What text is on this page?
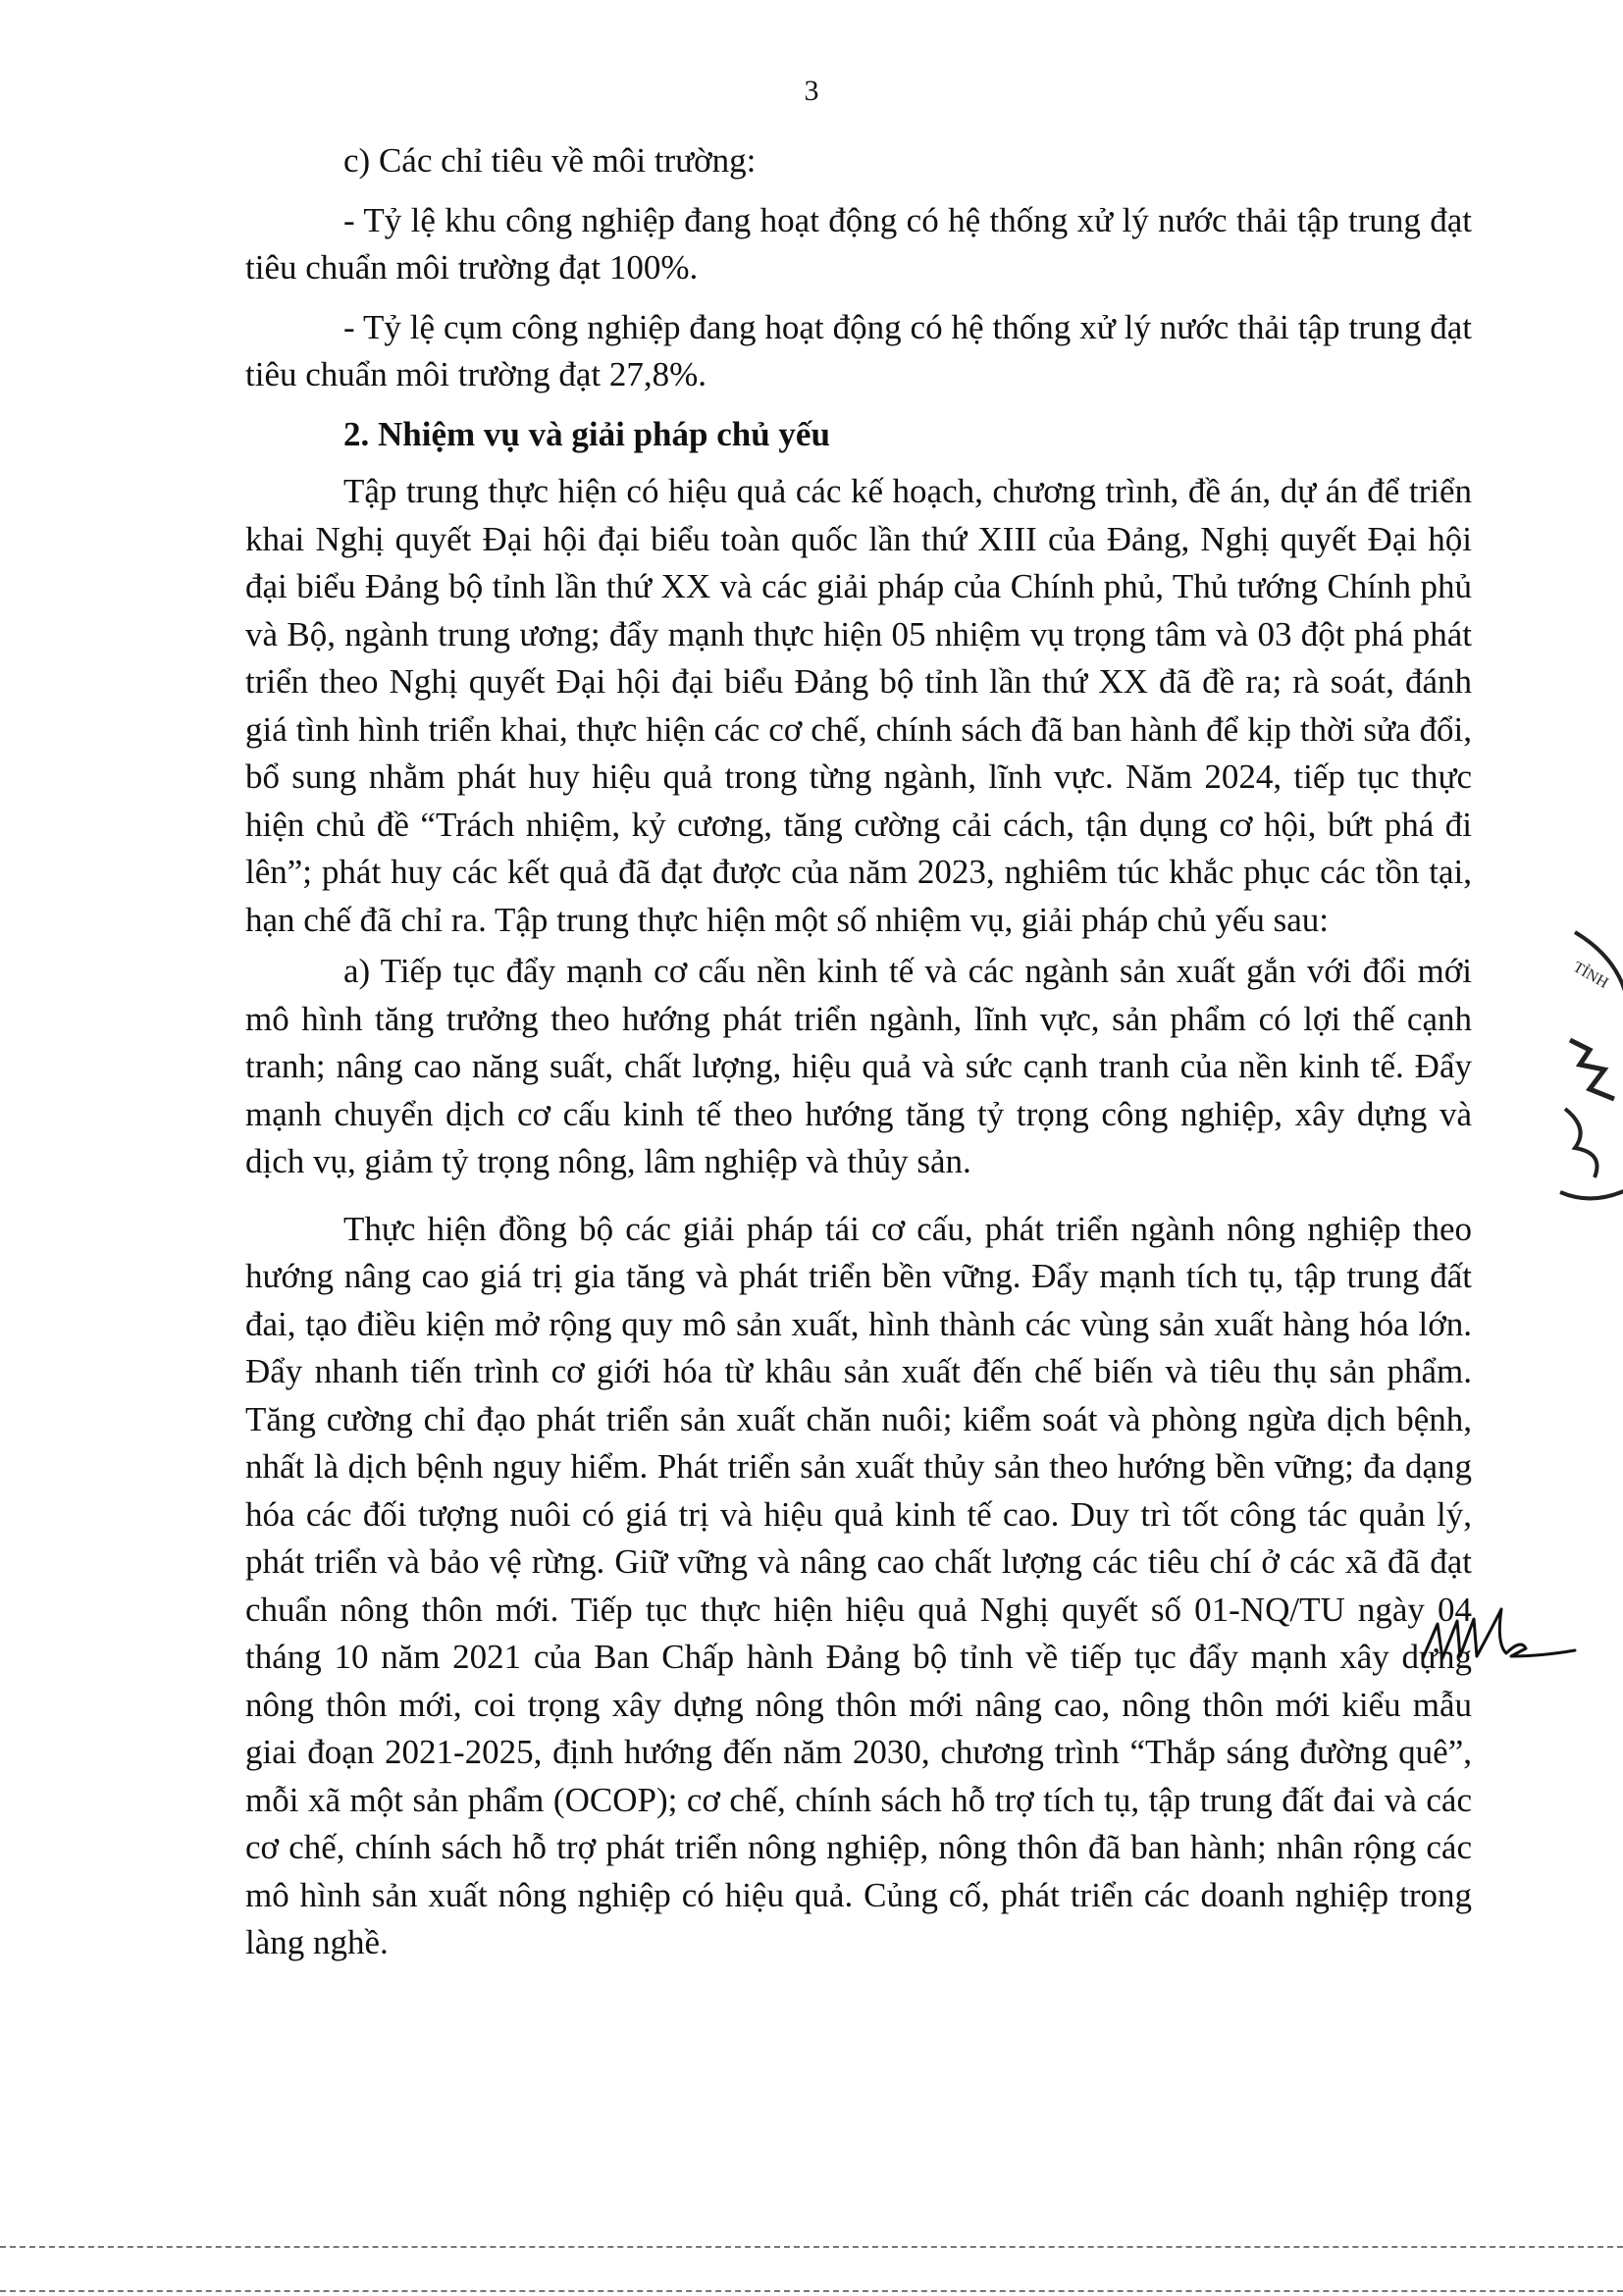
3

c) Các chỉ tiêu về môi trường:

- Tỷ lệ khu công nghiệp đang hoạt động có hệ thống xử lý nước thải tập trung đạt tiêu chuẩn môi trường đạt 100%.

- Tỷ lệ cụm công nghiệp đang hoạt động có hệ thống xử lý nước thải tập trung đạt tiêu chuẩn môi trường đạt 27,8%.

2. Nhiệm vụ và giải pháp chủ yếu

Tập trung thực hiện có hiệu quả các kế hoạch, chương trình, đề án, dự án để triển khai Nghị quyết Đại hội đại biểu toàn quốc lần thứ XIII của Đảng, Nghị quyết Đại hội đại biểu Đảng bộ tỉnh lần thứ XX và các giải pháp của Chính phủ, Thủ tướng Chính phủ và Bộ, ngành trung ương; đẩy mạnh thực hiện 05 nhiệm vụ trọng tâm và 03 đột phá phát triển theo Nghị quyết Đại hội đại biểu Đảng bộ tỉnh lần thứ XX đã đề ra; rà soát, đánh giá tình hình triển khai, thực hiện các cơ chế, chính sách đã ban hành để kịp thời sửa đổi, bổ sung nhằm phát huy hiệu quả trong từng ngành, lĩnh vực. Năm 2024, tiếp tục thực hiện chủ đề “Trách nhiệm, kỷ cương, tăng cường cải cách, tận dụng cơ hội, bứt phá đi lên”; phát huy các kết quả đã đạt được của năm 2023, nghiêm túc khắc phục các tồn tại, hạn chế đã chỉ ra. Tập trung thực hiện một số nhiệm vụ, giải pháp chủ yếu sau:

a) Tiếp tục đẩy mạnh cơ cấu nền kinh tế và các ngành sản xuất gắn với đổi mới mô hình tăng trưởng theo hướng phát triển ngành, lĩnh vực, sản phẩm có lợi thế cạnh tranh; nâng cao năng suất, chất lượng, hiệu quả và sức cạnh tranh của nền kinh tế. Đẩy mạnh chuyển dịch cơ cấu kinh tế theo hướng tăng tỷ trọng công nghiệp, xây dựng và dịch vụ, giảm tỷ trọng nông, lâm nghiệp và thủy sản.

Thực hiện đồng bộ các giải pháp tái cơ cấu, phát triển ngành nông nghiệp theo hướng nâng cao giá trị gia tăng và phát triển bền vững. Đẩy mạnh tích tụ, tập trung đất đai, tạo điều kiện mở rộng quy mô sản xuất, hình thành các vùng sản xuất hàng hóa lớn. Đẩy nhanh tiến trình cơ giới hóa từ khâu sản xuất đến chế biến và tiêu thụ sản phẩm. Tăng cường chỉ đạo phát triển sản xuất chăn nuôi; kiểm soát và phòng ngừa dịch bệnh, nhất là dịch bệnh nguy hiểm. Phát triển sản xuất thủy sản theo hướng bền vững; đa dạng hóa các đối tượng nuôi có giá trị và hiệu quả kinh tế cao. Duy trì tốt công tác quản lý, phát triển và bảo vệ rừng. Giữ vững và nâng cao chất lượng các tiêu chí ở các xã đã đạt chuẩn nông thôn mới. Tiếp tục thực hiện hiệu quả Nghị quyết số 01-NQ/TU ngày 04 tháng 10 năm 2021 của Ban Chấp hành Đảng bộ tỉnh về tiếp tục đẩy mạnh xây dựng nông thôn mới, coi trọng xây dựng nông thôn mới nâng cao, nông thôn mới kiểu mẫu giai đoạn 2021-2025, định hướng đến năm 2030, chương trình “Thắp sáng đường quê”, mỗi xã một sản phẩm (OCOP); cơ chế, chính sách hỗ trợ tích tụ, tập trung đất đai và các cơ chế, chính sách hỗ trợ phát triển nông nghiệp, nông thôn đã ban hành; nhân rộng các mô hình sản xuất nông nghiệp có hiệu quả. Củng cố, phát triển các doanh nghiệp trong làng nghề.

TỈNH
